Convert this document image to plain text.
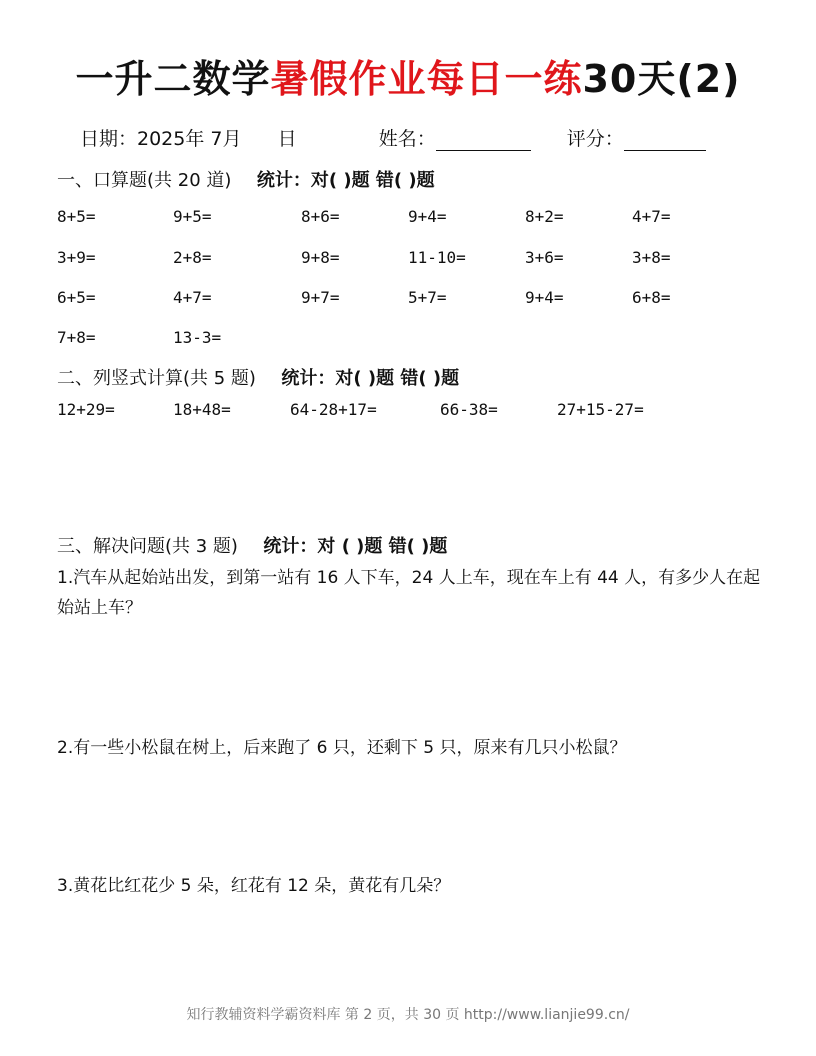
一升二数学暑假作业每日一练30天(2)
日期：2025年 7月 日	姓名：	评分：
一、口算题(共 20 道) 统计：对( )题 错( )题
8+5=	9+5=	8+6=	9+4=	8+2=	4+7=
3+9=	2+8=	9+8=	11-10=	3+6=	3+8=
6+5=	4+7=	9+7=	5+7=	9+4=	6+8=
7+8=	13-3=
二、列竖式计算(共 5 题) 统计：对( )题 错( )题
12+29=	18+48=	64-28+17=	66-38=	27+15-27=
三、解决问题(共 3 题) 统计：对 ( )题 错( )题
1.汽车从起始站出发，到第一站有 16 人下车，24 人上车，现在车上有 44 人，有多少人在起始站上车？
2.有一些小松鼠在树上，后来跑了 6 只，还剩下 5 只，原来有几只小松鼠？
3.黄花比红花少 5 朵，红花有 12 朵，黄花有几朵？
知行教辅资料学霸资料库 第 2 页，共 30 页 http://www.lianjie99.cn/
